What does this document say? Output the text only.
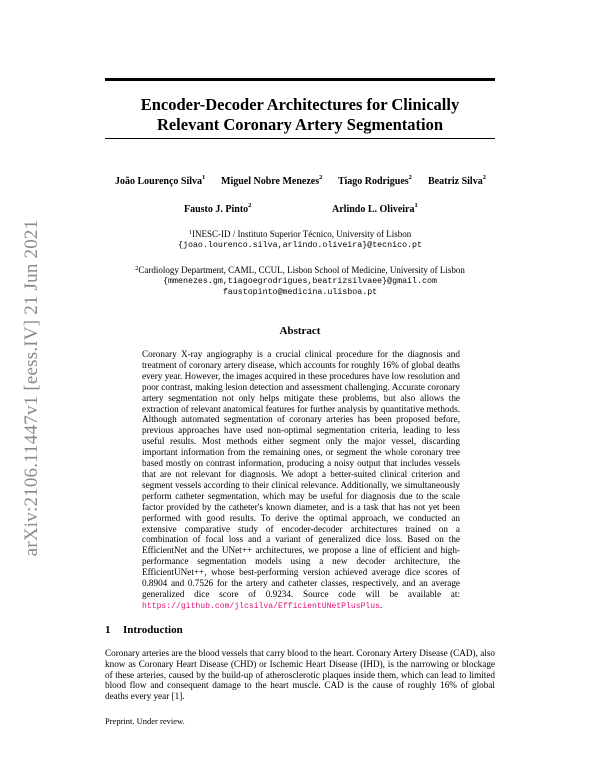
arXiv:2106.11447v1 [eess.IV] 21 Jun 2021
Encoder-Decoder Architectures for Clinically
Relevant Coronary Artery Segmentation
João Lourenço Silva$^1$ Miguel Nobre Menezes$^2$ Tiago Rodrigues$^2$ Beatriz Silva$^2$
Fausto J. Pinto$^2$	Arlindo L. Oliveira$^1$
$^1$INESC-ID / Instituto Superior Técnico, University of Lisbon
{joao.lourenco.silva,arlindo.oliveira}@tecnico.pt
$^2$Cardiology Department, CAML, CCUL, Lisbon School of Medicine, University of Lisbon
{mmenezes.gm,tiagoegrodrigues,beatrizsilvaee}@gmail.com
faustopinto@medicina.ulisboa.pt
Abstract
Coronary X-ray angiography is a crucial clinical procedure for the diagnosis and treatment of coronary artery disease, which accounts for roughly 16% of global deaths every year. However, the images acquired in these procedures have low resolution and poor contrast, making lesion detection and assessment challenging. Accurate coronary artery segmentation not only helps mitigate these problems, but also allows the extraction of relevant anatomical features for further analysis by quantitative methods. Although automated segmentation of coronary arteries has been proposed before, previous approaches have used non-optimal segmentation criteria, leading to less useful results. Most methods either segment only the major vessel, discarding important information from the remaining ones, or segment the whole coronary tree based mostly on contrast information, producing a noisy output that includes vessels that are not relevant for diagnosis. We adopt a better-suited clinical criterion and segment vessels according to their clinical relevance. Additionally, we simultaneously perform catheter segmentation, which may be useful for diagnosis due to the scale factor provided by the catheter's known diameter, and is a task that has not yet been performed with good results. To derive the optimal approach, we conducted an extensive comparative study of encoder-decoder architectures trained on a combination of focal loss and a variant of generalized dice loss. Based on the EfficientNet and the UNet++ architectures, we propose a line of efficient and high-performance segmentation models using a new decoder architecture, the EfficientUNet++, whose best-performing version achieved average dice scores of 0.8904 and 0.7526 for the artery and catheter classes, respectively, and an average generalized dice score of 0.9234. Source code will be available at: https://github.com/jlcsilva/EfficientUNetPlusPlus.
1 Introduction
Coronary arteries are the blood vessels that carry blood to the heart. Coronary Artery Disease (CAD), also know as Coronary Heart Disease (CHD) or Ischemic Heart Disease (IHD), is the narrowing or blockage of these arteries, caused by the build-up of atherosclerotic plaques inside them, which can lead to limited blood flow and consequent damage to the heart muscle. CAD is the cause of roughly 16% of global deaths every year [1].
Preprint. Under review.
